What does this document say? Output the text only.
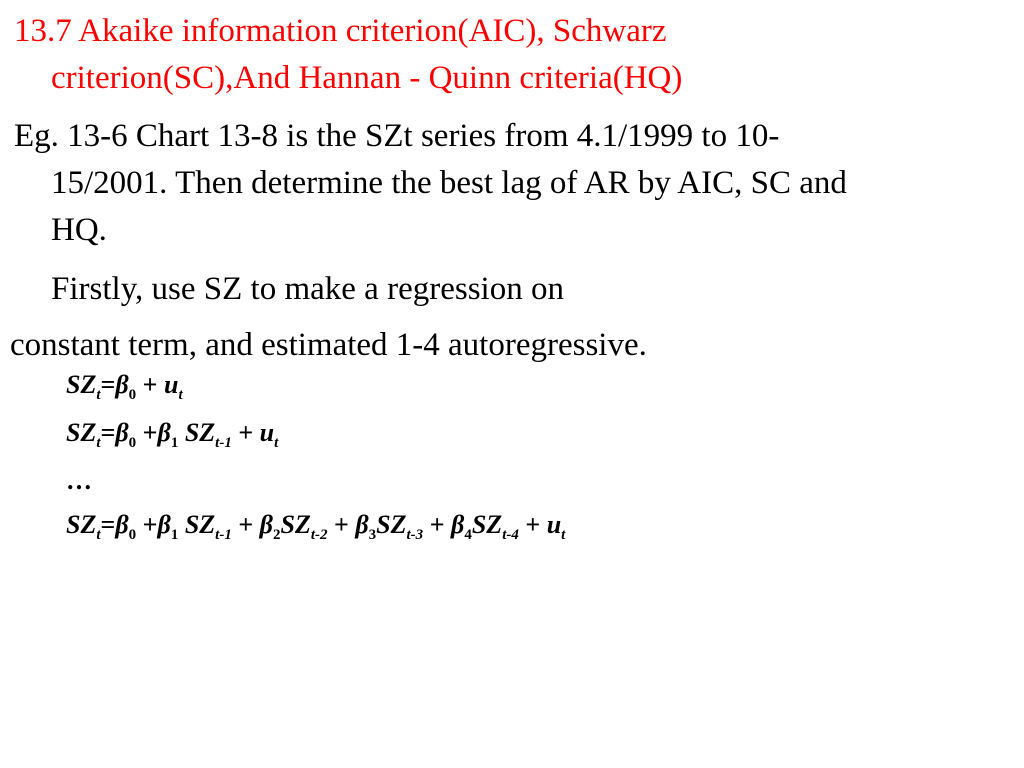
13.7 Akaike information criterion(AIC), Schwarz
criterion(SC),And Hannan - Quinn criteria(HQ)
Eg. 13-6 Chart 13-8 is the SZt series from 4.1/1999 to 10-
15/2001. Then determine the best lag of AR by AIC, SC and
HQ.
Firstly, use SZ to make a regression on
constant term, and estimated 1-4 autoregressive.
$SZ_t=\beta_0 + u_t$
$SZ_t=\beta_0 +\beta_1$ $SZ_{t-1} + u_t$
…
$SZ_t=\beta_0 +\beta_1$ $SZ_{t-1} + \beta_2SZ_{t-2} + \beta_3SZ_{t-3} + \beta_4SZ_{t-4} + u_t$
